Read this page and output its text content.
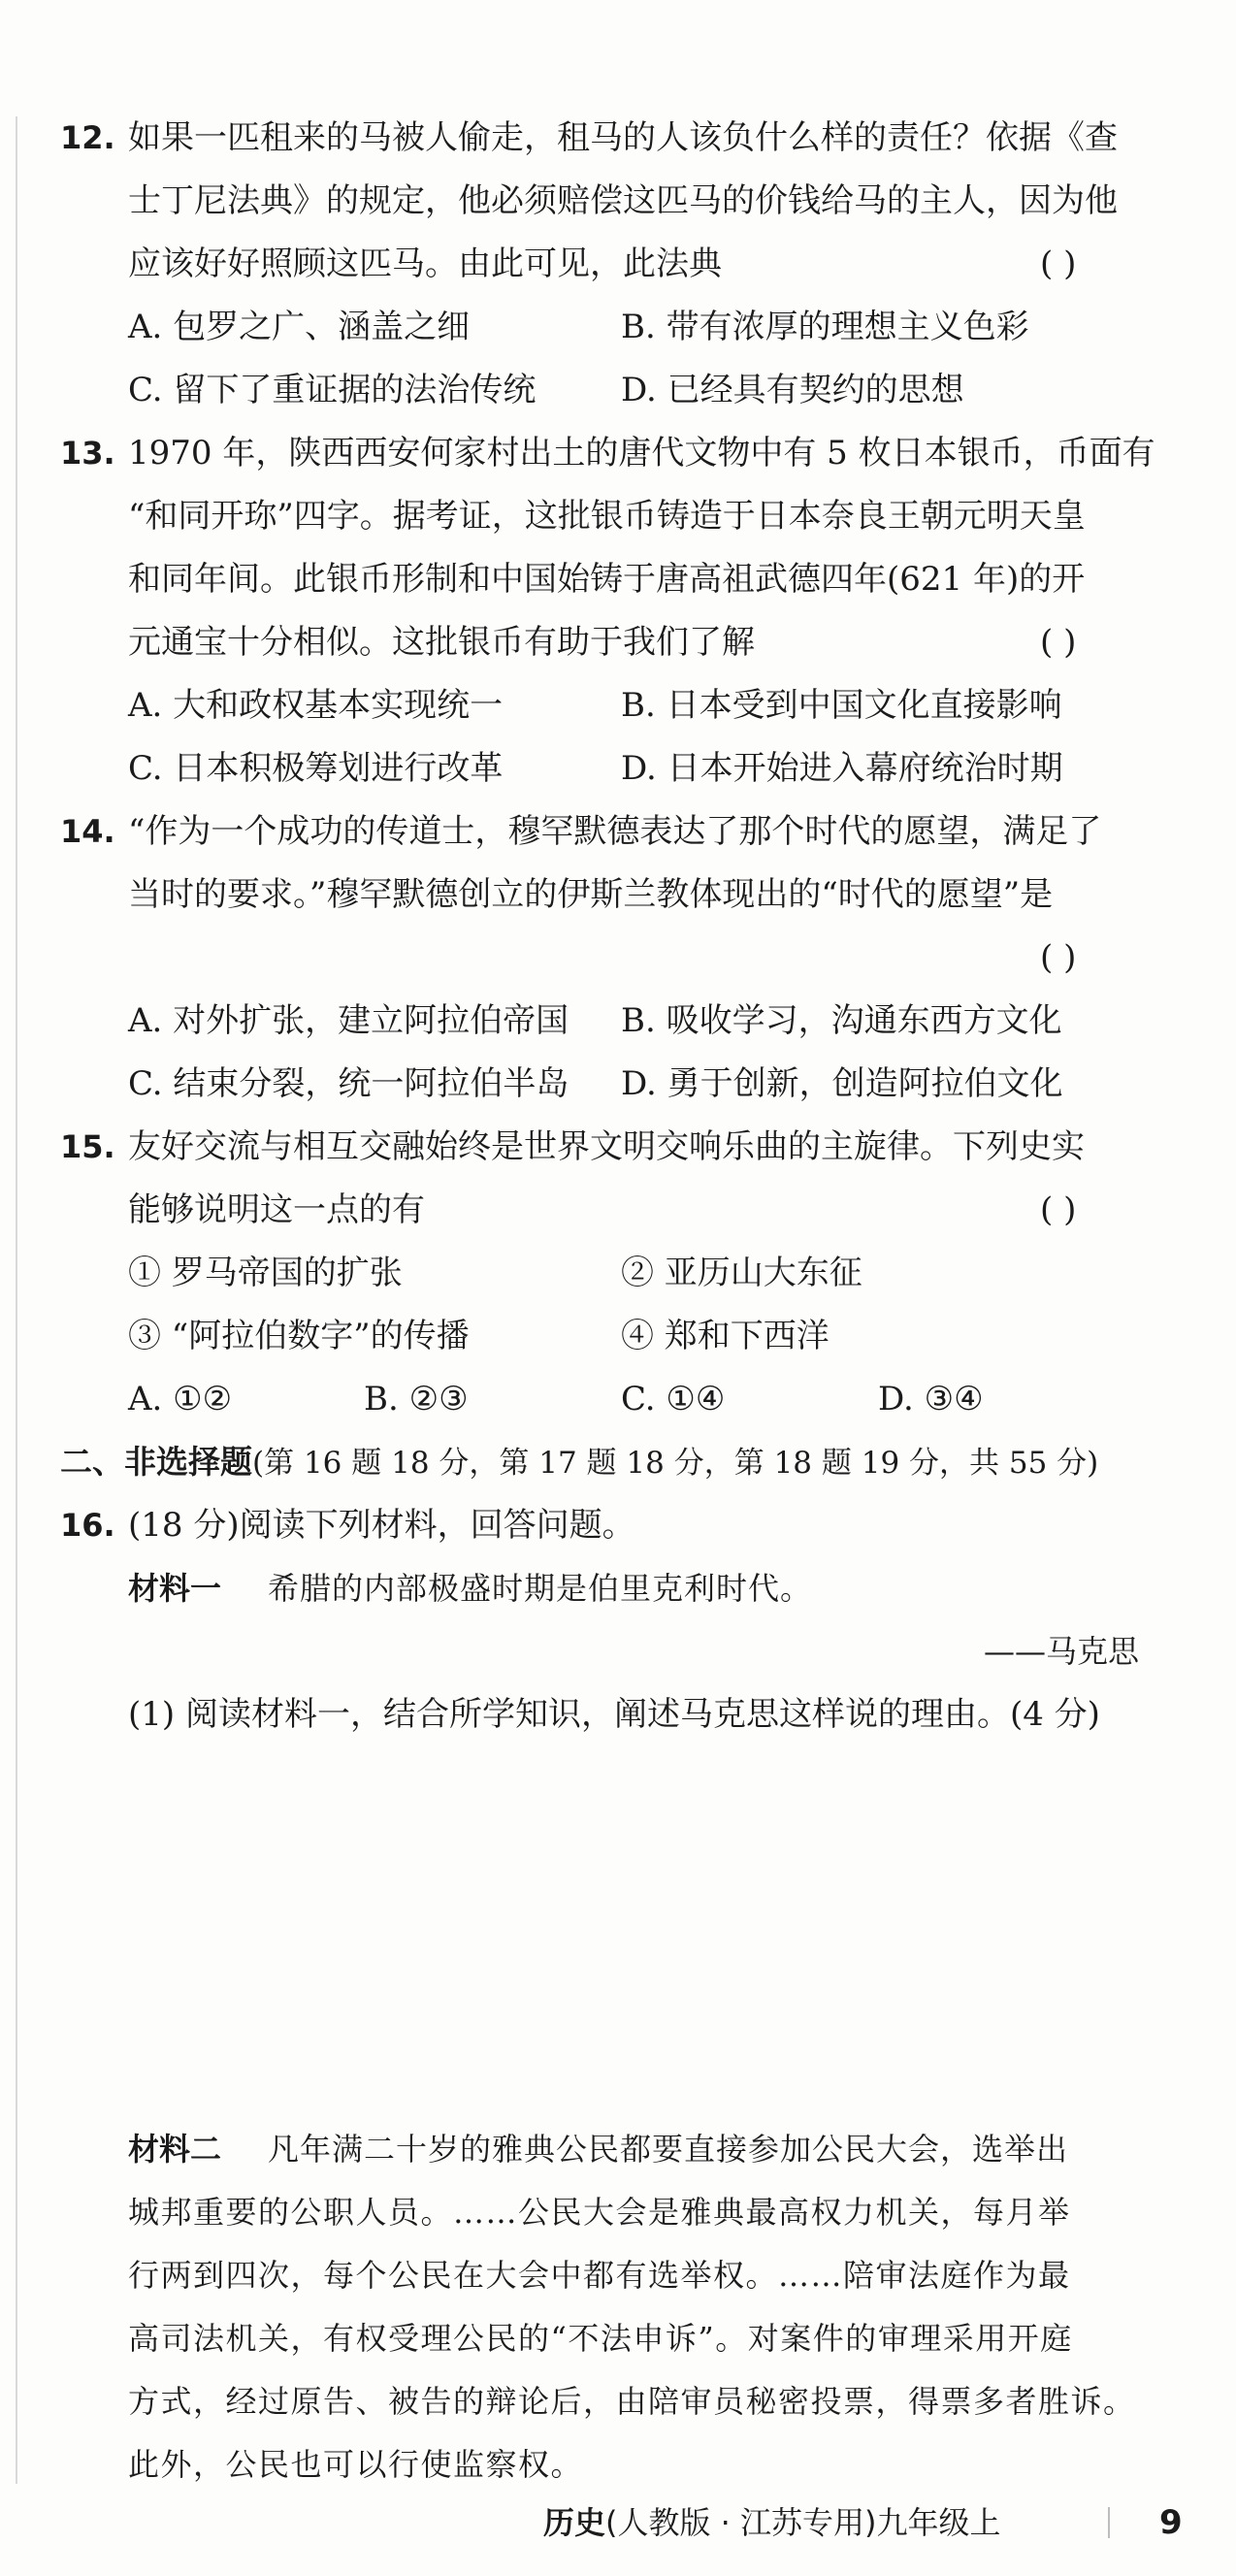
12. 如果一匹租来的马被人偷走，租马的人该负什么样的责任？依据《查
士丁尼法典》的规定，他必须赔偿这匹马的价钱给马的主人，因为他
应该好好照顾这匹马。由此可见，此法典	( )
A. 包罗之广、涵盖之细	B. 带有浓厚的理想主义色彩
C. 留下了重证据的法治传统	D. 已经具有契约的思想
13. 1970 年，陕西西安何家村出土的唐代文物中有 5 枚日本银币，币面有
“和同开珎”四字。据考证，这批银币铸造于日本奈良王朝元明天皇
和同年间。此银币形制和中国始铸于唐高祖武德四年(621 年)的开
元通宝十分相似。这批银币有助于我们了解	( )
A. 大和政权基本实现统一	B. 日本受到中国文化直接影响
C. 日本积极筹划进行改革	D. 日本开始进入幕府统治时期
14. “作为一个成功的传道士，穆罕默德表达了那个时代的愿望，满足了
当时的要求。”穆罕默德创立的伊斯兰教体现出的“时代的愿望”是
( )
A. 对外扩张，建立阿拉伯帝国 B. 吸收学习，沟通东西方文化
C. 结束分裂，统一阿拉伯半岛 D. 勇于创新，创造阿拉伯文化
15. 友好交流与相互交融始终是世界文明交响乐曲的主旋律。下列史实
能够说明这一点的有	( )
① 罗马帝国的扩张	② 亚历山大东征
③ “阿拉伯数字”的传播	④ 郑和下西洋
A. ①②	B. ②③	C. ①④	D. ③④
二、非选择题(第 16 题 18 分，第 17 题 18 分，第 18 题 19 分，共 55 分)
16. (18 分)阅读下列材料，回答问题。
材料一 希腊的内部极盛时期是伯里克利时代。
——马克思
(1) 阅读材料一，结合所学知识，阐述马克思这样说的理由。(4 分)
材料二 凡年满二十岁的雅典公民都要直接参加公民大会，选举出
城邦重要的公职人员。……公民大会是雅典最高权力机关，每月举
行两到四次，每个公民在大会中都有选举权。……陪审法庭作为最
高司法机关，有权受理公民的“不法申诉”。对案件的审理采用开庭
方式，经过原告、被告的辩论后，由陪审员秘密投票，得票多者胜诉。
此外，公民也可以行使监察权。
历史(人教版 · 江苏专用)九年级上	9
